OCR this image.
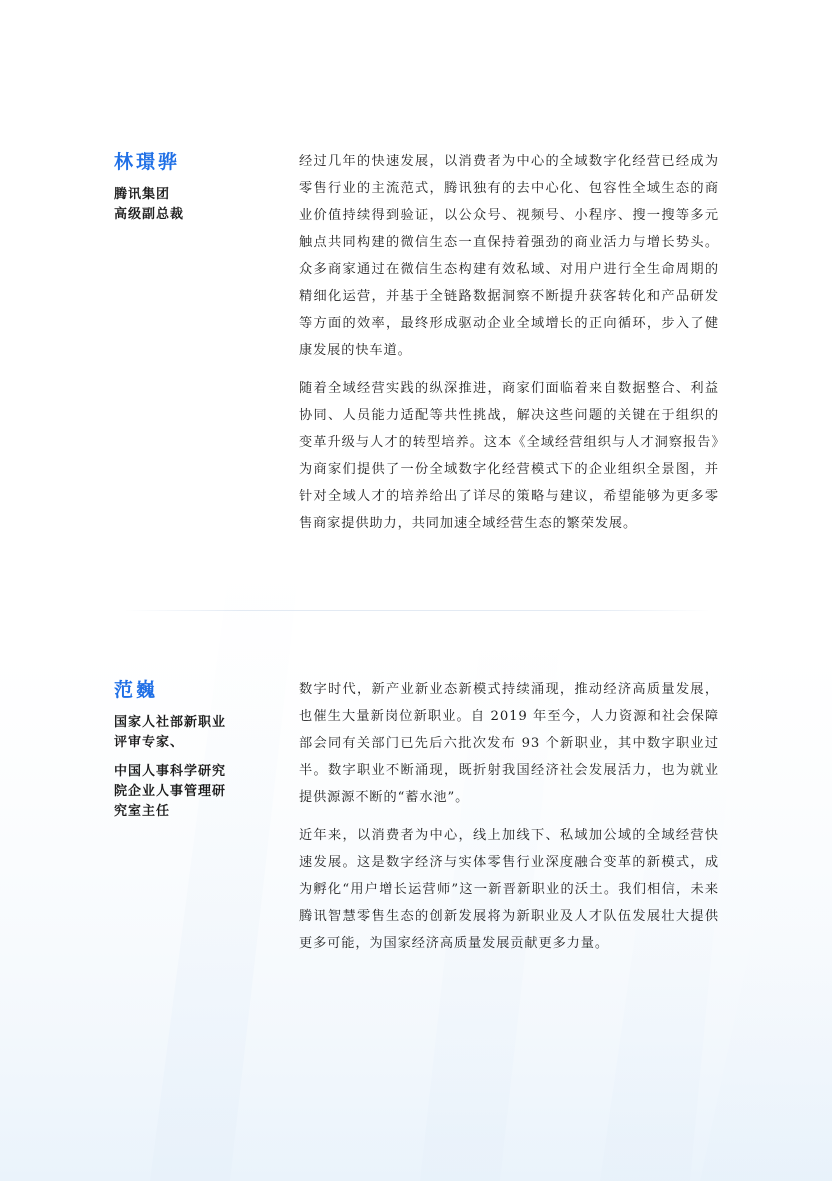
林璟骅
腾讯集团
高级副总裁

经过几年的快速发展，以消费者为中心的全域数字化经营已经成为零售行业的主流范式，腾讯独有的去中心化、包容性全域生态的商业价值持续得到验证，以公众号、视频号、小程序、搜一搜等多元触点共同构建的微信生态一直保持着强劲的商业活力与增长势头。众多商家通过在微信生态构建有效私域、对用户进行全生命周期的精细化运营，并基于全链路数据洞察不断提升获客转化和产品研发等方面的效率，最终形成驱动企业全域增长的正向循环，步入了健康发展的快车道。

随着全域经营实践的纵深推进，商家们面临着来自数据整合、利益协同、人员能力适配等共性挑战，解决这些问题的关键在于组织的变革升级与人才的转型培养。这本《全域经营组织与人才洞察报告》为商家们提供了一份全域数字化经营模式下的企业组织全景图，并针对全域人才的培养给出了详尽的策略与建议，希望能够为更多零售商家提供助力，共同加速全域经营生态的繁荣发展。

范巍
国家人社部新职业
评审专家、
中国人事科学研究
院企业人事管理研
究室主任

数字时代，新产业新业态新模式持续涌现，推动经济高质量发展，也催生大量新岗位新职业。自 2019 年至今，人力资源和社会保障部会同有关部门已先后六批次发布 93 个新职业，其中数字职业过半。数字职业不断涌现，既折射我国经济社会发展活力，也为就业提供源源不断的“蓄水池”。

近年来，以消费者为中心，线上加线下、私域加公域的全域经营快速发展。这是数字经济与实体零售行业深度融合变革的新模式，成为孵化“用户增长运营师”这一新晋新职业的沃土。我们相信，未来腾讯智慧零售生态的创新发展将为新职业及人才队伍发展壮大提供更多可能，为国家经济高质量发展贡献更多力量。
